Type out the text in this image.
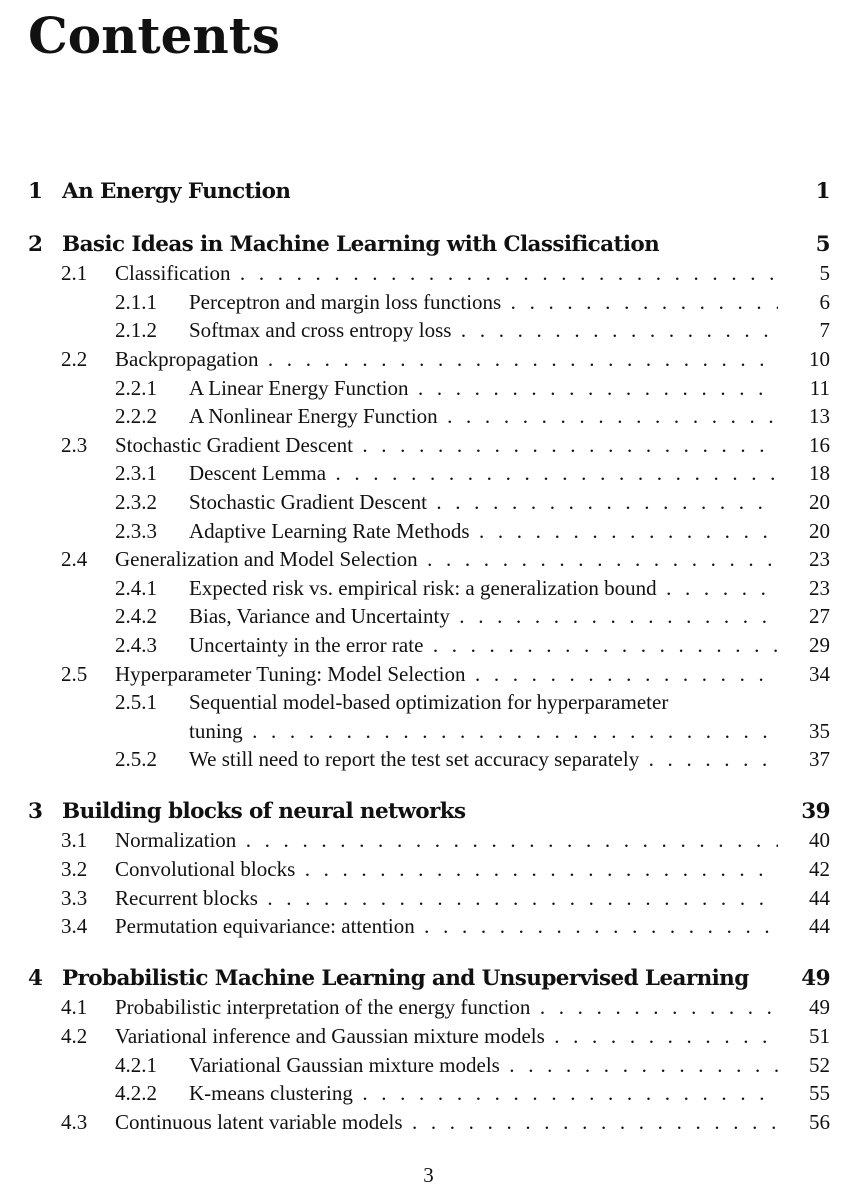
Contents
1 An Energy Function	1
2 Basic Ideas in Machine Learning with Classification	5
2.1 Classification . . .	5
2.1.1 Perceptron and margin loss functions . . .	6
2.1.2 Softmax and cross entropy loss . . .	7
2.2 Backpropagation . . .	10
2.2.1 A Linear Energy Function . . .	11
2.2.2 A Nonlinear Energy Function . . .	13
2.3 Stochastic Gradient Descent . . .	16
2.3.1 Descent Lemma . . .	18
2.3.2 Stochastic Gradient Descent . . .	20
2.3.3 Adaptive Learning Rate Methods . . .	20
2.4 Generalization and Model Selection . . .	23
2.4.1 Expected risk vs. empirical risk: a generalization bound . . .	23
2.4.2 Bias, Variance and Uncertainty . . .	27
2.4.3 Uncertainty in the error rate . . .	29
2.5 Hyperparameter Tuning: Model Selection . . .	34
2.5.1 Sequential model-based optimization for hyperparameter
tuning . . .	35
2.5.2 We still need to report the test set accuracy separately . . .	37
3 Building blocks of neural networks	39
3.1 Normalization . . .	40
3.2 Convolutional blocks . . .	42
3.3 Recurrent blocks . . .	44
3.4 Permutation equivariance: attention . . .	44
4 Probabilistic Machine Learning and Unsupervised Learning 49
4.1 Probabilistic interpretation of the energy function . . .	49
4.2 Variational inference and Gaussian mixture models . . .	51
4.2.1 Variational Gaussian mixture models . . .	52
4.2.2 K-means clustering . . .	55
4.3 Continuous latent variable models . . .	56
3
